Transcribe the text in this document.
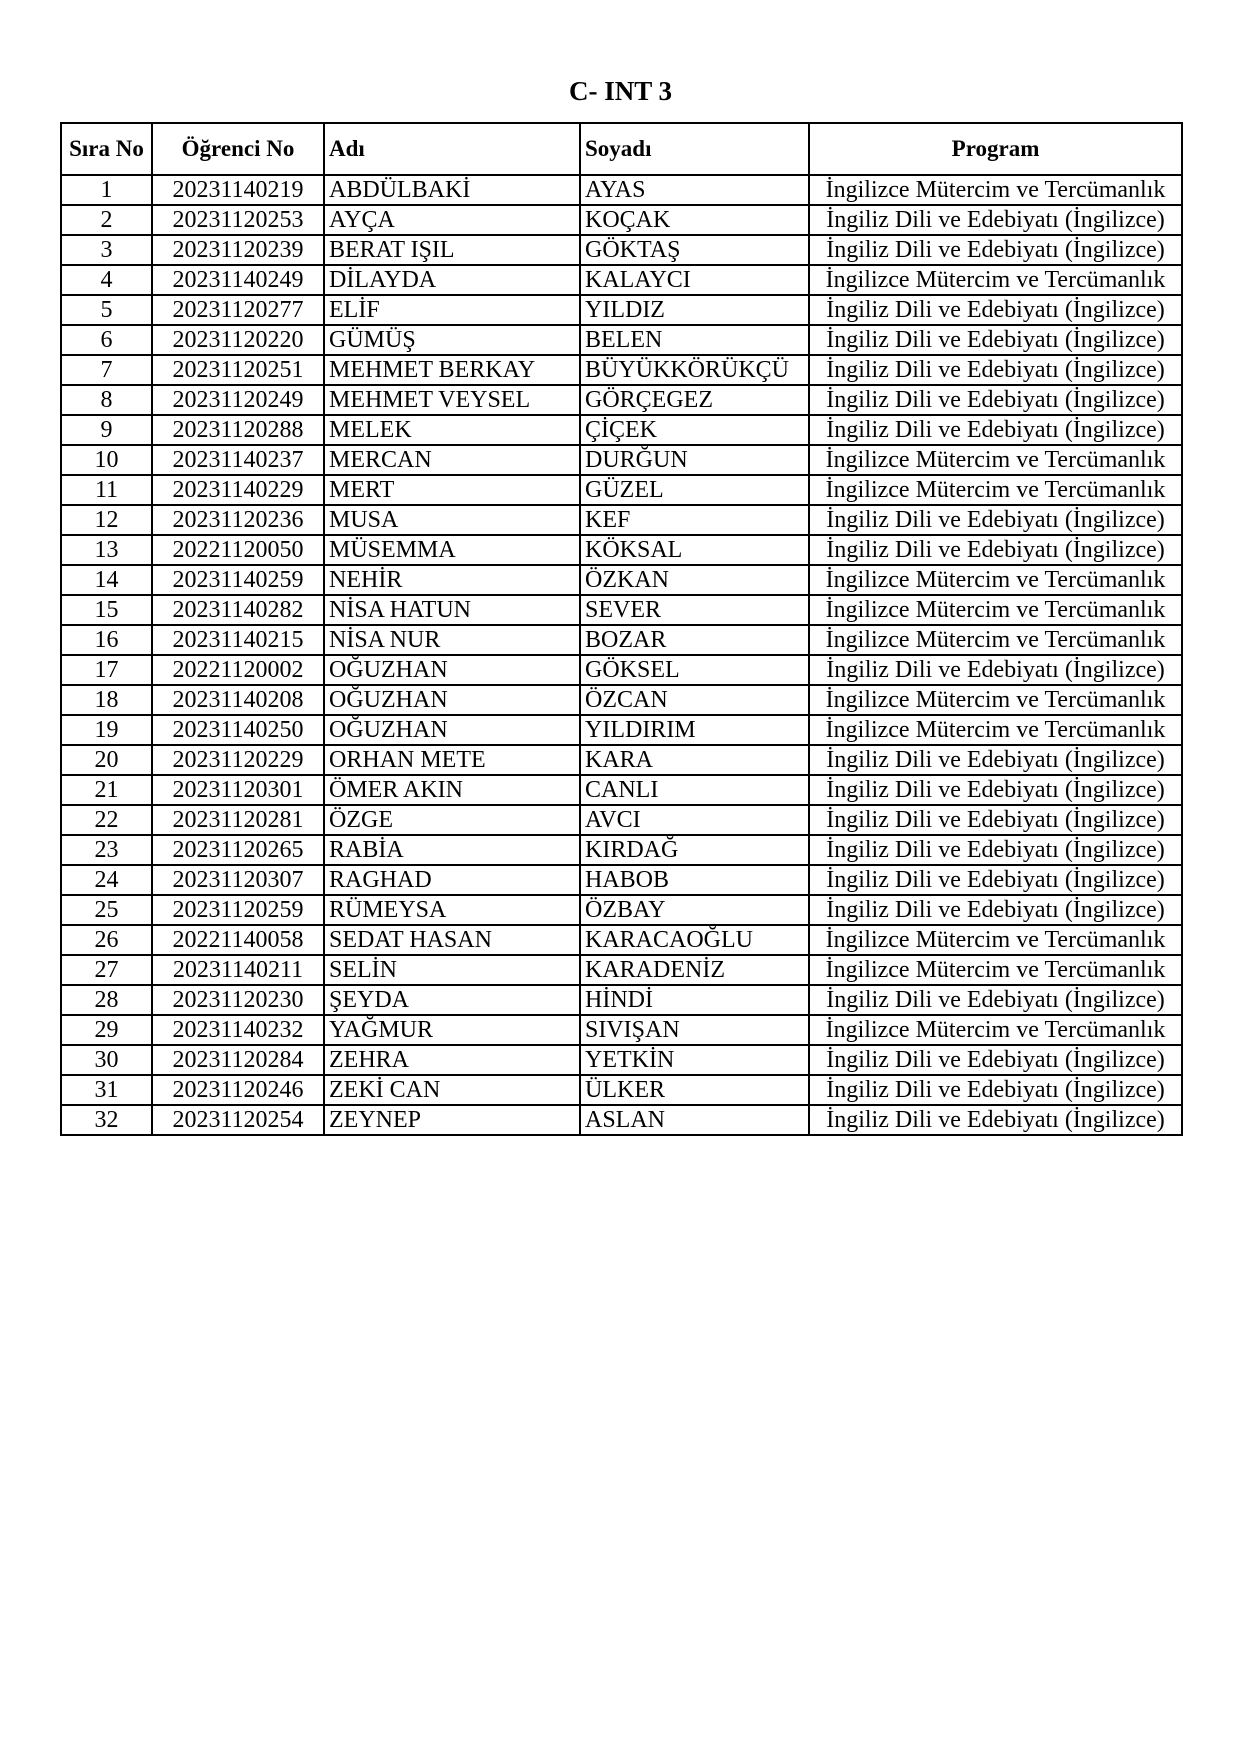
C- INT 3
Sıra No	Öğrenci No	Adı	Soyadı	Program
1	20231140219	ABDÜLBAKİ	AYAS	İngilizce Mütercim ve Tercümanlık
2	20231120253	AYÇA	KOÇAK	İngiliz Dili ve Edebiyatı (İngilizce)
3	20231120239	BERAT IŞIL	GÖKTAŞ	İngiliz Dili ve Edebiyatı (İngilizce)
4	20231140249	DİLAYDA	KALAYCI	İngilizce Mütercim ve Tercümanlık
5	20231120277	ELİF	YILDIZ	İngiliz Dili ve Edebiyatı (İngilizce)
6	20231120220	GÜMÜŞ	BELEN	İngiliz Dili ve Edebiyatı (İngilizce)
7	20231120251	MEHMET BERKAY	BÜYÜKKÖRÜKÇÜ	İngiliz Dili ve Edebiyatı (İngilizce)
8	20231120249	MEHMET VEYSEL	GÖRÇEGEZ	İngiliz Dili ve Edebiyatı (İngilizce)
9	20231120288	MELEK	ÇİÇEK	İngiliz Dili ve Edebiyatı (İngilizce)
10	20231140237	MERCAN	DURĞUN	İngilizce Mütercim ve Tercümanlık
11	20231140229	MERT	GÜZEL	İngilizce Mütercim ve Tercümanlık
12	20231120236	MUSA	KEF	İngiliz Dili ve Edebiyatı (İngilizce)
13	20221120050	MÜSEMMA	KÖKSAL	İngiliz Dili ve Edebiyatı (İngilizce)
14	20231140259	NEHİR	ÖZKAN	İngilizce Mütercim ve Tercümanlık
15	20231140282	NİSA HATUN	SEVER	İngilizce Mütercim ve Tercümanlık
16	20231140215	NİSA NUR	BOZAR	İngilizce Mütercim ve Tercümanlık
17	20221120002	OĞUZHAN	GÖKSEL	İngiliz Dili ve Edebiyatı (İngilizce)
18	20231140208	OĞUZHAN	ÖZCAN	İngilizce Mütercim ve Tercümanlık
19	20231140250	OĞUZHAN	YILDIRIM	İngilizce Mütercim ve Tercümanlık
20	20231120229	ORHAN METE	KARA	İngiliz Dili ve Edebiyatı (İngilizce)
21	20231120301	ÖMER AKIN	CANLI	İngiliz Dili ve Edebiyatı (İngilizce)
22	20231120281	ÖZGE	AVCI	İngiliz Dili ve Edebiyatı (İngilizce)
23	20231120265	RABİA	KIRDAĞ	İngiliz Dili ve Edebiyatı (İngilizce)
24	20231120307	RAGHAD	HABOB	İngiliz Dili ve Edebiyatı (İngilizce)
25	20231120259	RÜMEYSA	ÖZBAY	İngiliz Dili ve Edebiyatı (İngilizce)
26	20221140058	SEDAT HASAN	KARACAOĞLU	İngilizce Mütercim ve Tercümanlık
27	20231140211	SELİN	KARADENİZ	İngilizce Mütercim ve Tercümanlık
28	20231120230	ŞEYDA	HİNDİ	İngiliz Dili ve Edebiyatı (İngilizce)
29	20231140232	YAĞMUR	SIVIŞAN	İngilizce Mütercim ve Tercümanlık
30	20231120284	ZEHRA	YETKİN	İngiliz Dili ve Edebiyatı (İngilizce)
31	20231120246	ZEKİ CAN	ÜLKER	İngiliz Dili ve Edebiyatı (İngilizce)
32	20231120254	ZEYNEP	ASLAN	İngiliz Dili ve Edebiyatı (İngilizce)
